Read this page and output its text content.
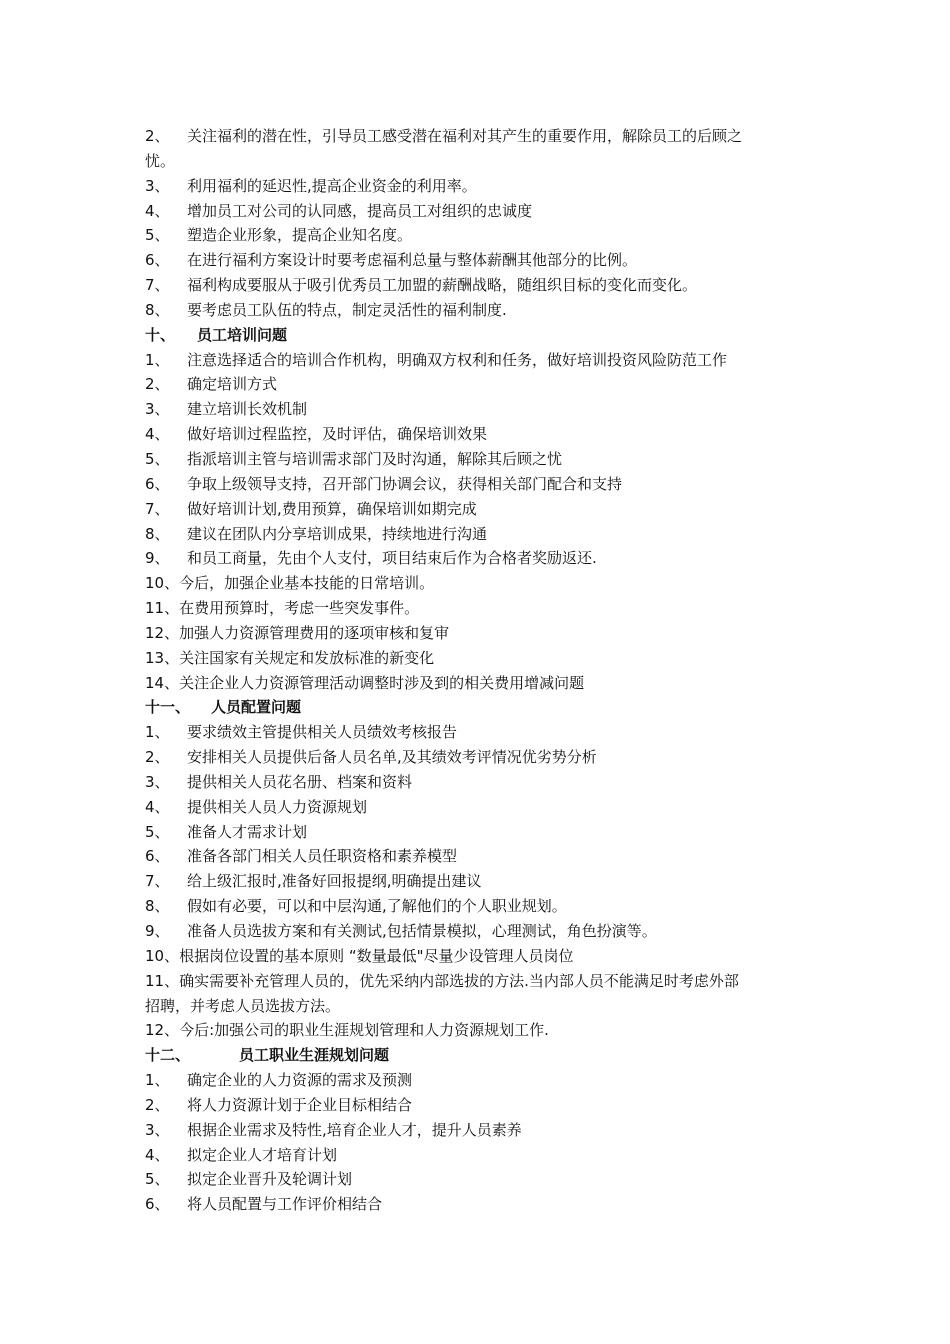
2、 关注福利的潜在性，引导员工感受潜在福利对其产生的重要作用，解除员工的后顾之
忧。
3、 利用福利的延迟性,提高企业资金的利用率。
4、 增加员工对公司的认同感，提高员工对组织的忠诚度
5、 塑造企业形象，提高企业知名度。
6、 在进行福利方案设计时要考虑福利总量与整体薪酬其他部分的比例。
7、 福利构成要服从于吸引优秀员工加盟的薪酬战略，随组织目标的变化而变化。
8、 要考虑员工队伍的特点，制定灵活性的福利制度.
十、 员工培训问题
1、 注意选择适合的培训合作机构，明确双方权利和任务，做好培训投资风险防范工作
2、 确定培训方式
3、 建立培训长效机制
4、 做好培训过程监控，及时评估，确保培训效果
5、 指派培训主管与培训需求部门及时沟通，解除其后顾之忧
6、 争取上级领导支持，召开部门协调会议，获得相关部门配合和支持
7、 做好培训计划,费用预算，确保培训如期完成
8、 建议在团队内分享培训成果，持续地进行沟通
9、 和员工商量，先由个人支付，项目结束后作为合格者奖励返还.
10、今后，加强企业基本技能的日常培训。
11、在费用预算时，考虑一些突发事件。
12、加强人力资源管理费用的逐项审核和复审
13、关注国家有关规定和发放标准的新变化
14、关注企业人力资源管理活动调整时涉及到的相关费用增减问题
十一、 人员配置问题
1、 要求绩效主管提供相关人员绩效考核报告
2、 安排相关人员提供后备人员名单,及其绩效考评情况优劣势分析
3、 提供相关人员花名册、档案和资料
4、 提供相关人员人力资源规划
5、 准备人才需求计划
6、 准备各部门相关人员任职资格和素养模型
7、 给上级汇报时,准备好回报提纲,明确提出建议
8、 假如有必要，可以和中层沟通,了解他们的个人职业规划。
9、 准备人员选拔方案和有关测试,包括情景模拟，心理测试，角色扮演等。
10、根据岗位设置的基本原则 “数量最低"尽量少设管理人员岗位
11、确实需要补充管理人员的，优先采纳内部选拔的方法.当内部人员不能满足时考虑外部
招聘，并考虑人员选拔方法。
12、今后:加强公司的职业生涯规划管理和人力资源规划工作.
十二、	员工职业生涯规划问题
1、 确定企业的人力资源的需求及预测
2、 将人力资源计划于企业目标相结合
3、 根据企业需求及特性,培育企业人才，提升人员素养
4、 拟定企业人才培育计划
5、 拟定企业晋升及轮调计划
6、 将人员配置与工作评价相结合
